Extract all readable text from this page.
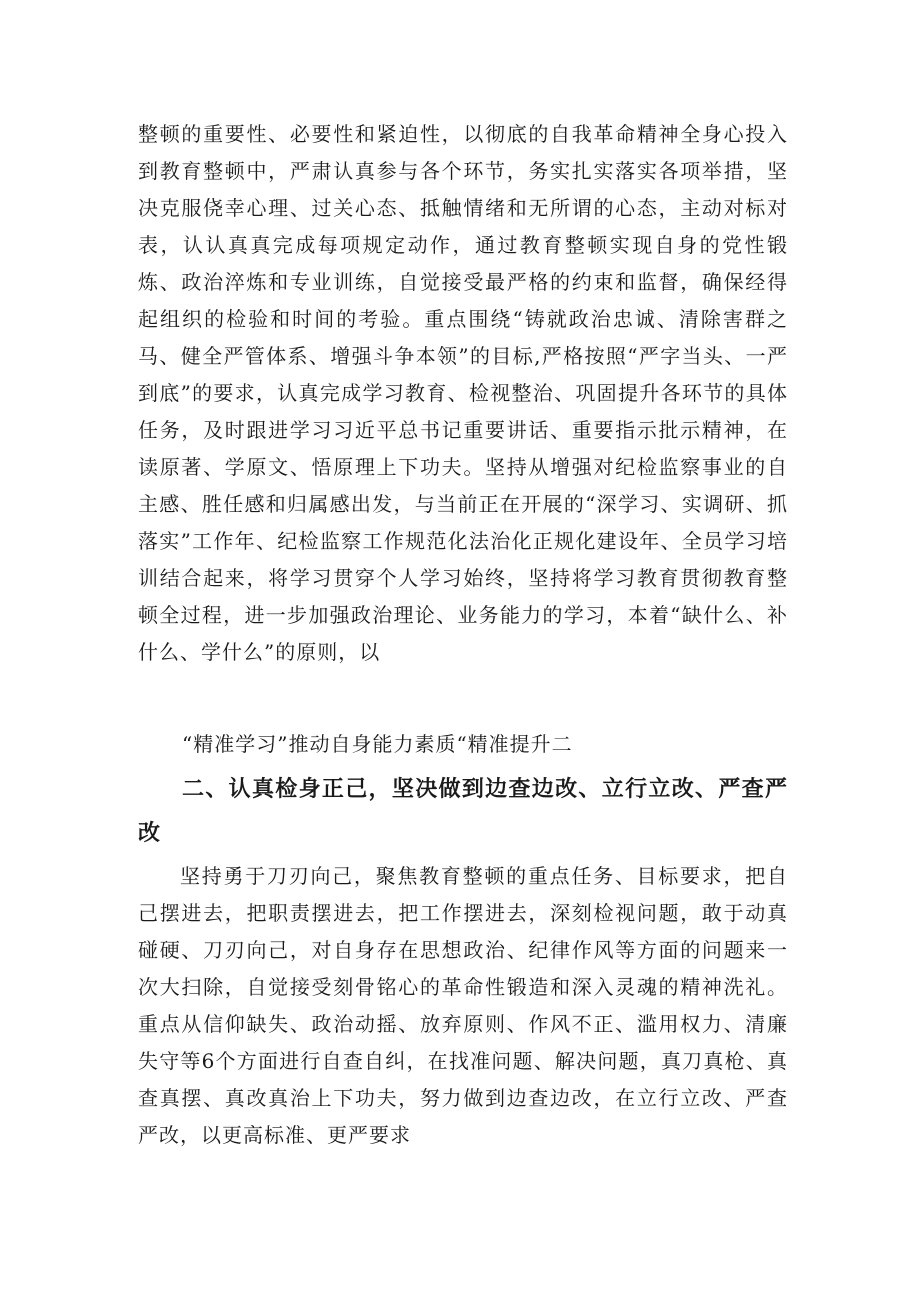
整顿的重要性、必要性和紧迫性，以彻底的自我革命精神全身心投入到教育整顿中，严肃认真参与各个环节，务实扎实落实各项举措，坚决克服侥幸心理、过关心态、抵触情绪和无所谓的心态，主动对标对表，认认真真完成每项规定动作，通过教育整顿实现自身的党性锻炼、政治淬炼和专业训练，自觉接受最严格的约束和监督，确保经得起组织的检验和时间的考验。重点围绕“铸就政治忠诚、清除害群之马、健全严管体系、增强斗争本领”的目标,严格按照“严字当头、一严到底”的要求，认真完成学习教育、检视整治、巩固提升各环节的具体任务，及时跟进学习习近平总书记重要讲话、重要指示批示精神，在读原著、学原文、悟原理上下功夫。坚持从增强对纪检监察事业的自主感、胜任感和归属感出发，与当前正在开展的“深学习、实调研、抓落实”工作年、纪检监察工作规范化法治化正规化建设年、全员学习培训结合起来，将学习贯穿个人学习始终，坚持将学习教育贯彻教育整顿全过程，进一步加强政治理论、业务能力的学习，本着“缺什么、补什么、学什么”的原则，以

“精准学习”推动自身能力素质“精准提升二

二、认真检身正己，坚决做到边查边改、立行立改、严查严改

坚持勇于刀刃向己，聚焦教育整顿的重点任务、目标要求，把自己摆进去，把职责摆进去，把工作摆进去，深刻检视问题，敢于动真碰硬、刀刃向己，对自身存在思想政治、纪律作风等方面的问题来一次大扫除，自觉接受刻骨铭心的革命性锻造和深入灵魂的精神洗礼。重点从信仰缺失、政治动摇、放弃原则、作风不正、滥用权力、清廉失守等6个方面进行自查自纠，在找准问题、解决问题，真刀真枪、真查真摆、真改真治上下功夫，努力做到边查边改，在立行立改、严查严改，以更高标准、更严要求
